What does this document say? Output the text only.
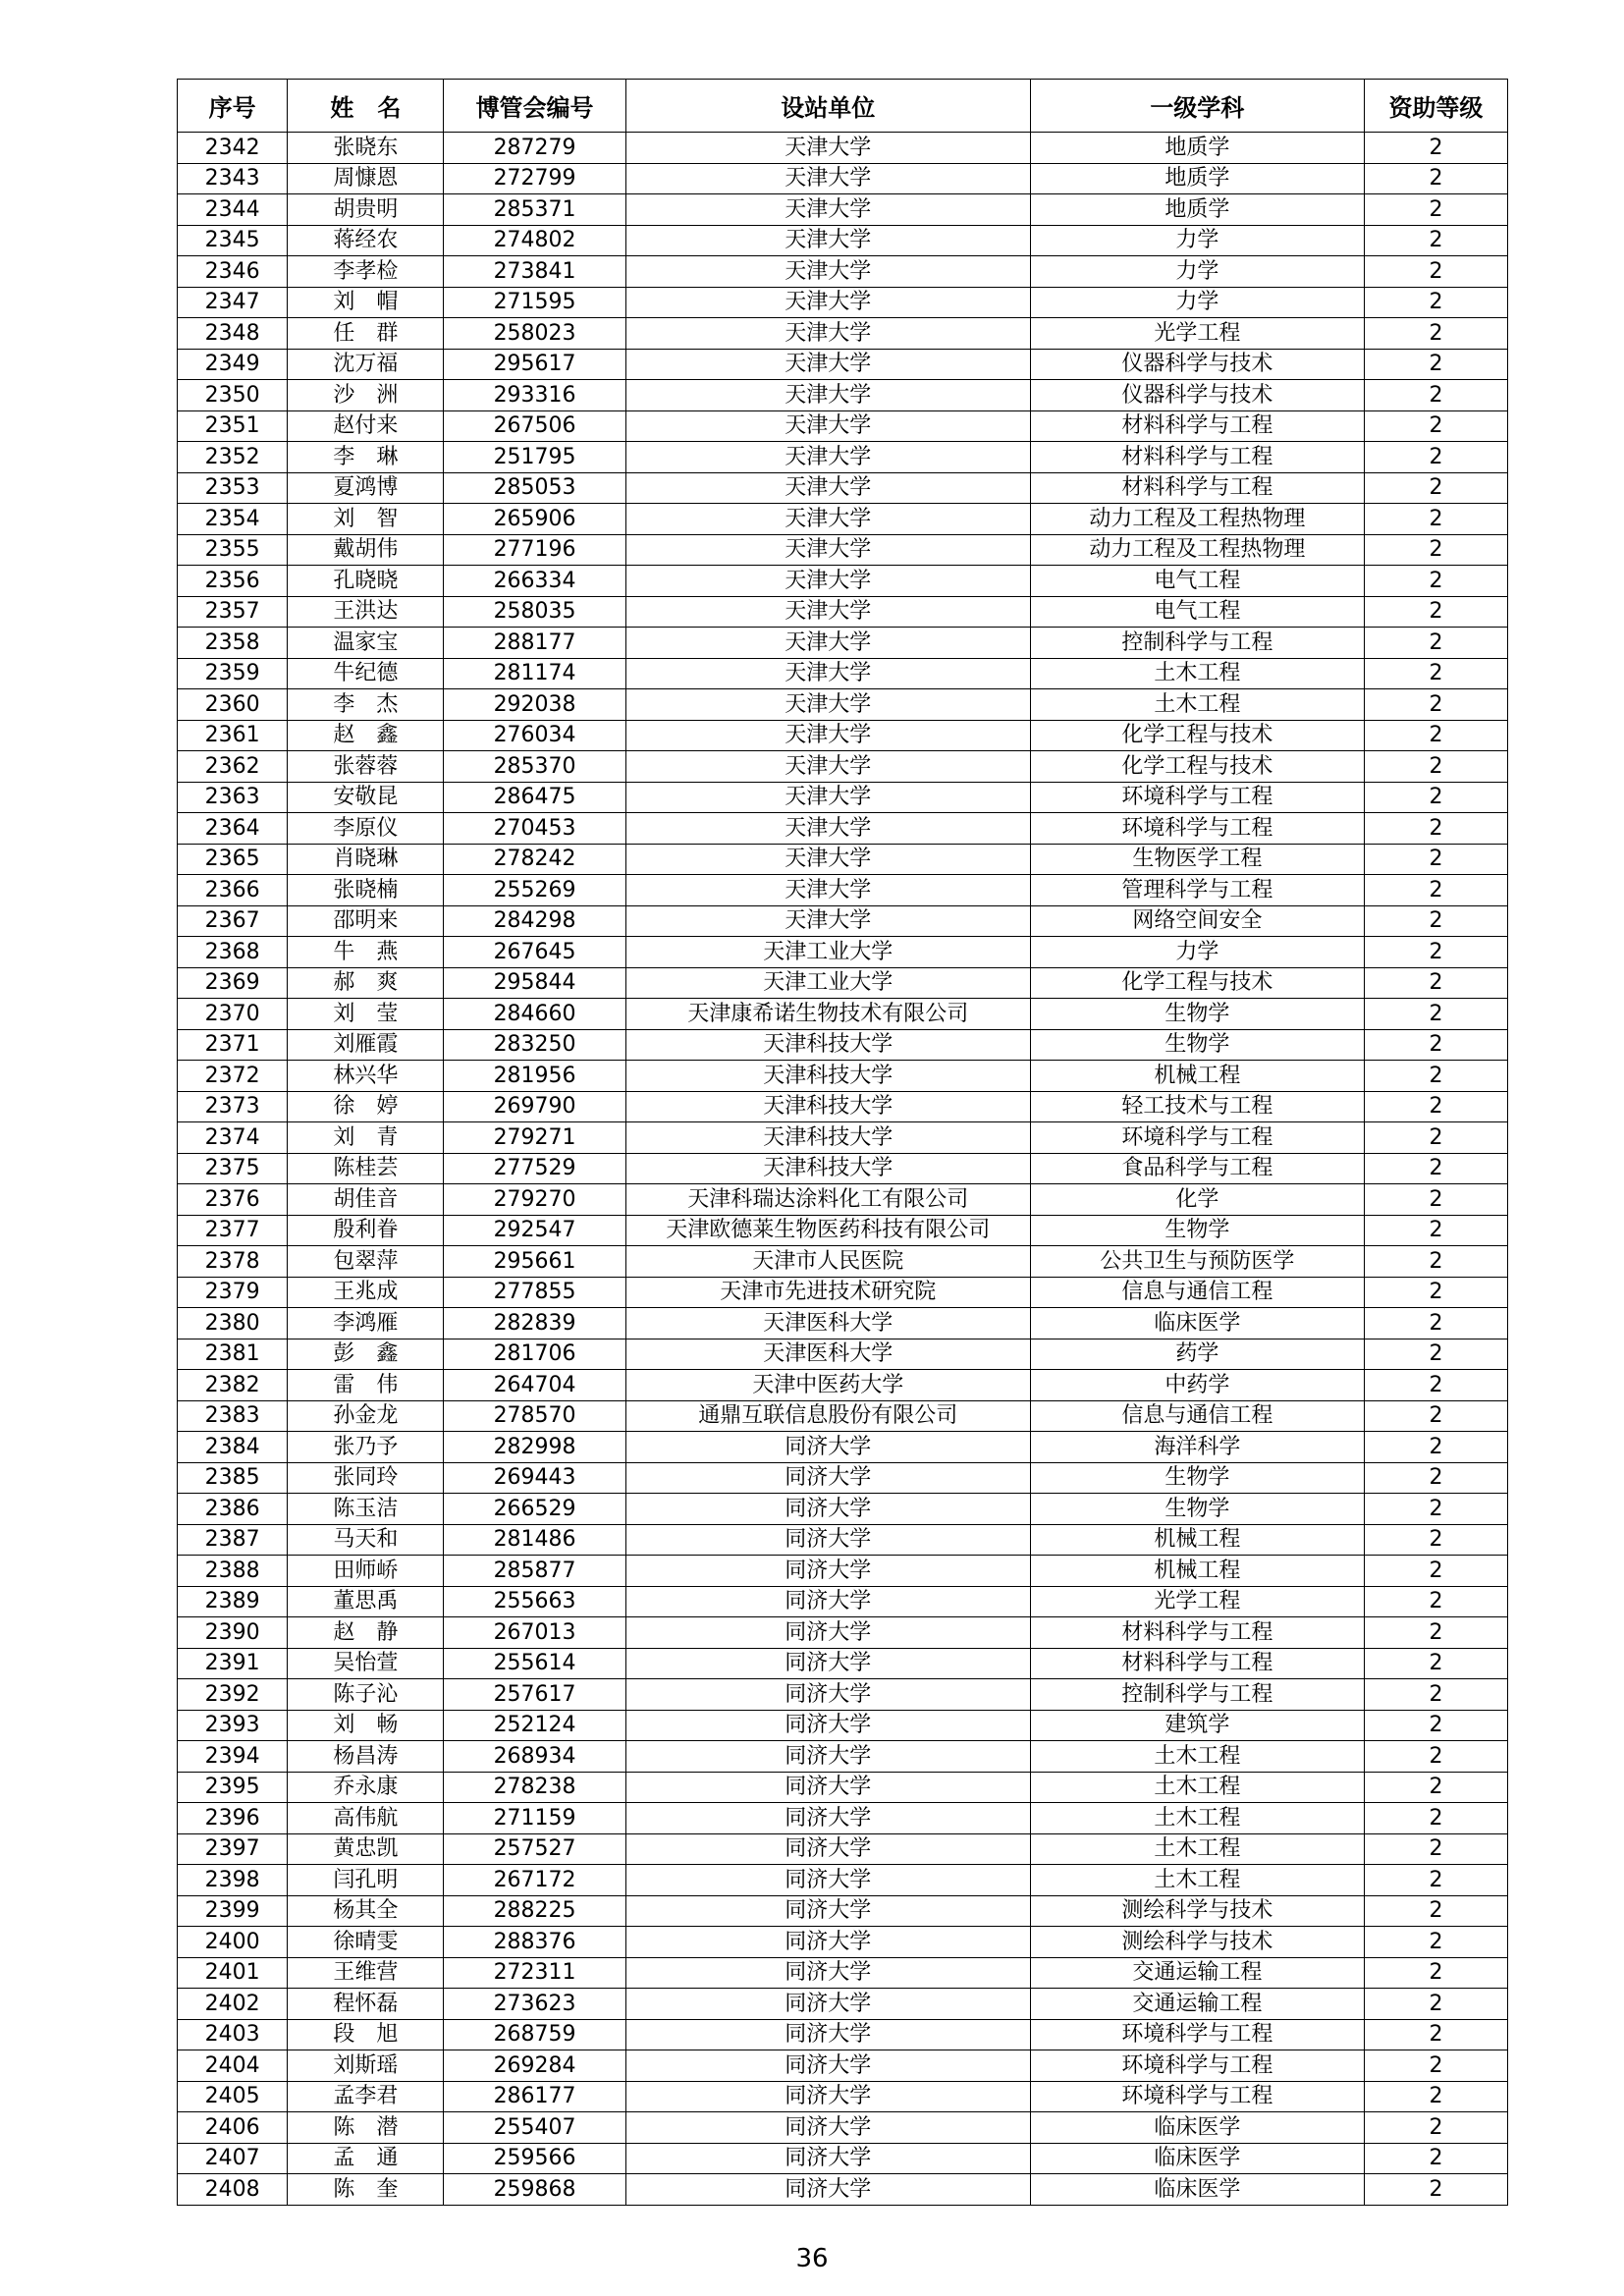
序号	姓　名	博管会编号	设站单位	一级学科	资助等级
2342	张晓东	287279	天津大学	地质学	2
2343	周慷恩	272799	天津大学	地质学	2
2344	胡贵明	285371	天津大学	地质学	2
2345	蒋经农	274802	天津大学	力学	2
2346	李孝检	273841	天津大学	力学	2
2347	刘　帽	271595	天津大学	力学	2
2348	任　群	258023	天津大学	光学工程	2
2349	沈万福	295617	天津大学	仪器科学与技术	2
2350	沙　洲	293316	天津大学	仪器科学与技术	2
2351	赵付来	267506	天津大学	材料科学与工程	2
2352	李　琳	251795	天津大学	材料科学与工程	2
2353	夏鸿博	285053	天津大学	材料科学与工程	2
2354	刘　智	265906	天津大学	动力工程及工程热物理	2
2355	戴胡伟	277196	天津大学	动力工程及工程热物理	2
2356	孔晓晓	266334	天津大学	电气工程	2
2357	王洪达	258035	天津大学	电气工程	2
2358	温家宝	288177	天津大学	控制科学与工程	2
2359	牛纪德	281174	天津大学	土木工程	2
2360	李　杰	292038	天津大学	土木工程	2
2361	赵　鑫	276034	天津大学	化学工程与技术	2
2362	张蓉蓉	285370	天津大学	化学工程与技术	2
2363	安敬昆	286475	天津大学	环境科学与工程	2
2364	李原仪	270453	天津大学	环境科学与工程	2
2365	肖晓琳	278242	天津大学	生物医学工程	2
2366	张晓楠	255269	天津大学	管理科学与工程	2
2367	邵明来	284298	天津大学	网络空间安全	2
2368	牛　燕	267645	天津工业大学	力学	2
2369	郝　爽	295844	天津工业大学	化学工程与技术	2
2370	刘　莹	284660	天津康希诺生物技术有限公司	生物学	2
2371	刘雁霞	283250	天津科技大学	生物学	2
2372	林兴华	281956	天津科技大学	机械工程	2
2373	徐　婷	269790	天津科技大学	轻工技术与工程	2
2374	刘　青	279271	天津科技大学	环境科学与工程	2
2375	陈桂芸	277529	天津科技大学	食品科学与工程	2
2376	胡佳音	279270	天津科瑞达涂料化工有限公司	化学	2
2377	殷利眷	292547	天津欧德莱生物医药科技有限公司	生物学	2
2378	包翠萍	295661	天津市人民医院	公共卫生与预防医学	2
2379	王兆成	277855	天津市先进技术研究院	信息与通信工程	2
2380	李鸿雁	282839	天津医科大学	临床医学	2
2381	彭　鑫	281706	天津医科大学	药学	2
2382	雷　伟	264704	天津中医药大学	中药学	2
2383	孙金龙	278570	通鼎互联信息股份有限公司	信息与通信工程	2
2384	张乃予	282998	同济大学	海洋科学	2
2385	张同玲	269443	同济大学	生物学	2
2386	陈玉洁	266529	同济大学	生物学	2
2387	马天和	281486	同济大学	机械工程	2
2388	田师峤	285877	同济大学	机械工程	2
2389	董思禹	255663	同济大学	光学工程	2
2390	赵　静	267013	同济大学	材料科学与工程	2
2391	吴怡萱	255614	同济大学	材料科学与工程	2
2392	陈子沁	257617	同济大学	控制科学与工程	2
2393	刘　畅	252124	同济大学	建筑学	2
2394	杨昌涛	268934	同济大学	土木工程	2
2395	乔永康	278238	同济大学	土木工程	2
2396	高伟航	271159	同济大学	土木工程	2
2397	黄忠凯	257527	同济大学	土木工程	2
2398	闫孔明	267172	同济大学	土木工程	2
2399	杨其全	288225	同济大学	测绘科学与技术	2
2400	徐晴雯	288376	同济大学	测绘科学与技术	2
2401	王维营	272311	同济大学	交通运输工程	2
2402	程怀磊	273623	同济大学	交通运输工程	2
2403	段　旭	268759	同济大学	环境科学与工程	2
2404	刘斯瑶	269284	同济大学	环境科学与工程	2
2405	孟李君	286177	同济大学	环境科学与工程	2
2406	陈　潜	255407	同济大学	临床医学	2
2407	孟　通	259566	同济大学	临床医学	2
2408	陈　奎	259868	同济大学	临床医学	2
36
